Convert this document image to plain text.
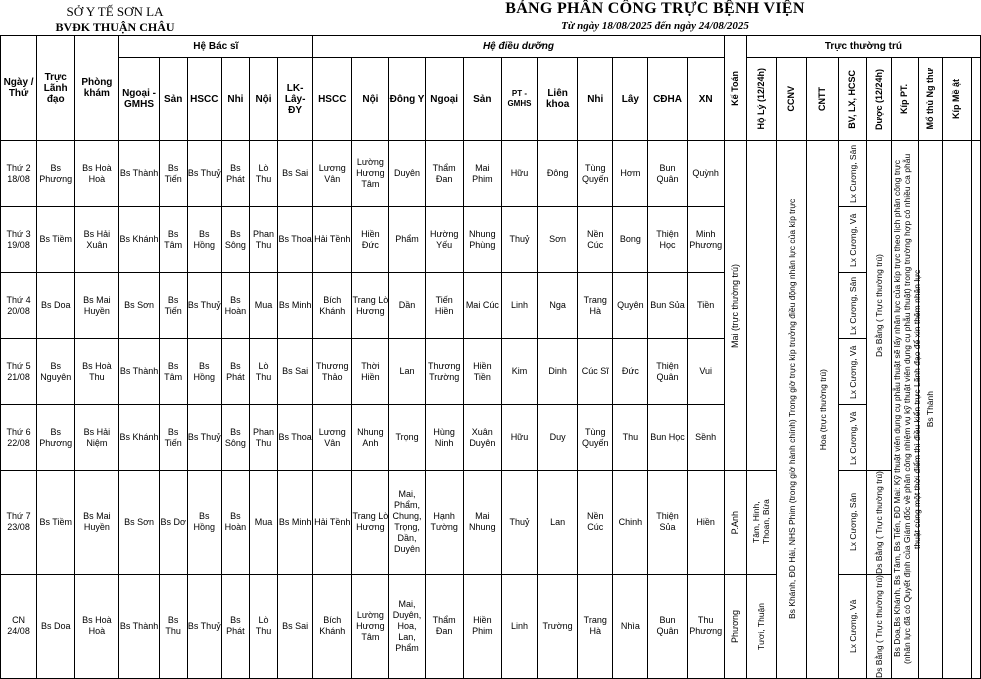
SỞ Y TẾ SƠN LA
BVĐK THUẬN CHÂU
BẢNG PHÂN CÔNG TRỰC BỆNH VIỆN
Từ ngày 18/08/2025 đến ngày 24/08/2025
Ngày / Thứ	Trực Lãnh đạo	Phòng khám	Hệ Bác sĩ						Hệ điều dưỡng											Kế Toán	Trực thường trú								
			Ngoại - GMHS	Sản	HSCC	Nhi	Nội	LK-Lây-ĐY	HSCC	Nội	Đông Y	Ngoại	Sản	PT - GMHS	Liên khoa	Nhi	Lây	CĐHA	XN		Hộ Lý (12/24h)	CCNV	CNTT	BV, LX, HCSC	Dược (12/24h)	Kíp PT.	Mổ thủ Ng thư	Kíp Mề ật	

Thứ 2
18/08	Bs Phương	Bs Hoà Hoà	Bs Thành	Bs Tiến	Bs Thuỷ	Bs Phát	Lò Thu	Bs Sai	Lương Vân	Lường Hương Tâm	Duyên	Thẩm Đan	Mai Phim	Hữu	Đông	Tùng Quyến	Hơm	Bun Quân	Quỳnh	Mai (trực thường trú)		Bs Khánh, ĐD Hải, NHS Phim (trong giờ hành chính) Trong giờ trực kíp trưởng điều động nhân lực của kíp trực	Hoa (trực thường trú)	Lx Cương, Sản	Ds Bằng ( Trực thường trú)	Bs Doa,Bs Khánh, Bs Tâm, Bs Tiến, ĐD Mai: Kỹ thuật viên dụng cụ phẫu thuật sẽ lấy nhân lực của kíp trực theo lịch phân công trực (nhân lực đã có Quyết định của Giám đốc về phân công nhiệm vụ kỹ thuật viên dụng cụ phẫu thuật) trong trường hợp có nhiều ca phẫu thuật cùng một thời điểm thì điều kiển trực Lãnh đạo để xin thêm nhân lực	Bs Thành		

Thứ 3
19/08	Bs Tiềm	Bs Hải Xuân	Bs Khánh	Bs Tâm	Bs Hồng	Bs Sông	Phan Thu	Bs Thoa	Hải Tềnh	Hiền Đức	Phẩm	Hường Yếu	Nhung Phùng	Thuỷ	Sơn	Nền Cúc	Bong	Thiện Học	Minh Phương					Lx Cương, Vả					

Thứ 4
20/08	Bs Doa	Bs Mai Huyền	Bs Sơn	Bs Tiến	Bs Thuỷ	Bs Hoàn	Mua	Bs Minh	Bích Khánh	Trang Lò Hương	Dần	Tiến Hiền	Mai Cúc	Linh	Nga	Trang Hà	Quyên	Bun Sủa	Tiền					Lx Cương, Sản					

Thứ 5
21/08	Bs Nguyên	Bs Hoà Thu	Bs Thành	Bs Tâm	Bs Hồng	Bs Phát	Lò Thu	Bs Sai	Thương Thảo	Thời Hiền	Lan	Thương Trường	Hiền Tiền	Kim	Dinh	Cúc Sĩ	Đức	Thiện Quân	Vui					Lx Cương, Vả					

Thứ 6
22/08	Bs Phương	Bs Hải Niệm	Bs Khánh	Bs Tiến	Bs Thuỷ	Bs Sông	Phan Thu	Bs Thoa	Lương Vân	Nhung Anh	Trọng	Hùng Ninh	Xuân Duyên	Hữu	Duy	Tùng Quyến	Thu	Bun Học	Sềnh					Lx Cương, Vả					

Thứ 7
23/08	Bs Tiềm	Bs Mai Huyền	Bs Sơn	Bs Dơ	Bs Hồng	Bs Hoàn	Mua	Bs Minh	Hải Tềnh	Trang Lò Hương	Mai, Phẩm, Chung, Trọng, Dần, Duyên	Hạnh Tường	Mai Nhung	Thuỷ	Lan	Nền Cúc	Chinh	Thiện Sủa	Hiền	P.Anh	Tâm, Hinh, Thoan, Bừa			Lx Cương, Sản	Ds Bằng ( Trực thường trú)				

CN
24/08	Bs Doa	Bs Hoà Hoà	Bs Thành	Bs Thu	Bs Thuỷ	Bs Phát	Lò Thu	Bs Sai	Bích Khánh	Lường Hương Tâm	Mai, Duyên, Hoa, Lan, Phẩm	Thẩm Đan	Hiền Phim	Linh	Trường	Trang Hà	Nhìa	Bun Quân	Thu Phương	Phương	Tươi, Thuận			Lx Cương, Vả	Ds Bằng ( Trực thường trú)				
